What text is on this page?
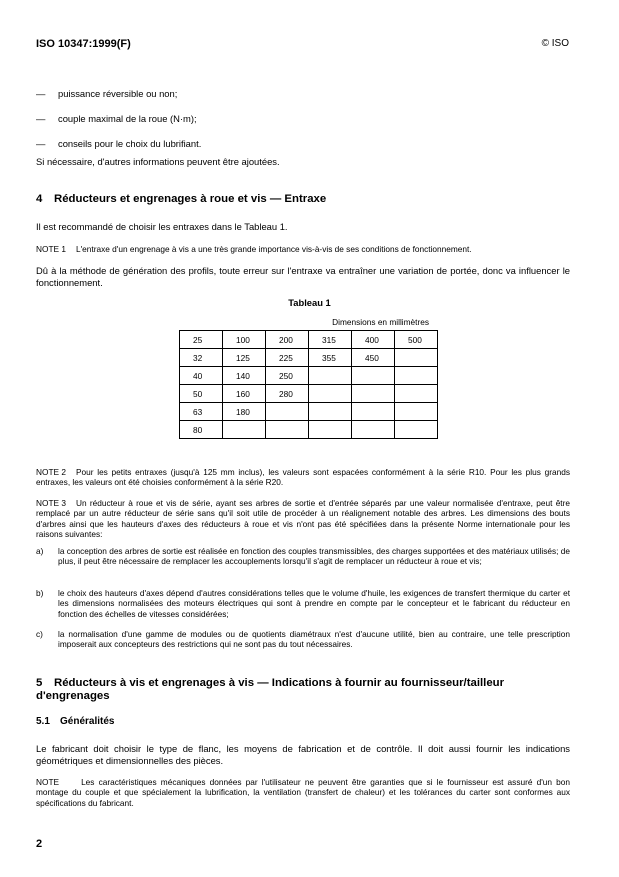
ISO 10347:1999(F)	© ISO
— puissance réversible ou non;
— couple maximal de la roue (N·m);
— conseils pour le choix du lubrifiant.
Si nécessaire, d'autres informations peuvent être ajoutées.
4 Réducteurs et engrenages à roue et vis — Entraxe
Il est recommandé de choisir les entraxes dans le Tableau 1.
NOTE 1 L'entraxe d'un engrenage à vis a une très grande importance vis-à-vis de ses conditions de fonctionnement.
Dû à la méthode de génération des profils, toute erreur sur l'entraxe va entraîner une variation de portée, donc va influencer le fonctionnement.
Tableau 1
Dimensions en millimètres
25	100	200	315	400	500
32	125	225	355	450	
40	140	250			
50	160	280			
63	180				
80					
NOTE 2 Pour les petits entraxes (jusqu'à 125 mm inclus), les valeurs sont espacées conformément à la série R10. Pour les plus grands entraxes, les valeurs ont été choisies conformément à la série R20.
NOTE 3 Un réducteur à roue et vis de série, ayant ses arbres de sortie et d'entrée séparés par une valeur normalisée d'entraxe, peut être remplacé par un autre réducteur de série sans qu'il soit utile de procéder à un réalignement notable des arbres. Les dimensions des bouts d'arbres ainsi que les hauteurs d'axes des réducteurs à roue et vis n'ont pas été spécifiées dans la présente Norme internationale pour les raisons suivantes:
a) la conception des arbres de sortie est réalisée en fonction des couples transmissibles, des charges supportées et des matériaux utilisés; de plus, il peut être nécessaire de remplacer les accouplements lorsqu'il s'agit de remplacer un réducteur à roue et vis;
b) le choix des hauteurs d'axes dépend d'autres considérations telles que le volume d'huile, les exigences de transfert thermique du carter et les dimensions normalisées des moteurs électriques qui sont à prendre en compte par le concepteur et le fabricant du réducteur en fonction des échelles de vitesses considérées;
c) la normalisation d'une gamme de modules ou de quotients diamétraux n'est d'aucune utilité, bien au contraire, une telle prescription imposerait aux concepteurs des restrictions qui ne sont pas du tout nécessaires.
5 Réducteurs à vis et engrenages à vis — Indications à fournir au fournisseur/tailleur d'engrenages
5.1 Généralités
Le fabricant doit choisir le type de flanc, les moyens de fabrication et de contrôle. Il doit aussi fournir les indications géométriques et dimensionnelles des pièces.
NOTE	Les caractéristiques mécaniques données par l'utilisateur ne peuvent être garanties que si le fournisseur est assuré d'un bon montage du couple et que spécialement la lubrification, la ventilation (transfert de chaleur) et les tolérances du carter sont conformes aux spécifications du fabricant.
2
